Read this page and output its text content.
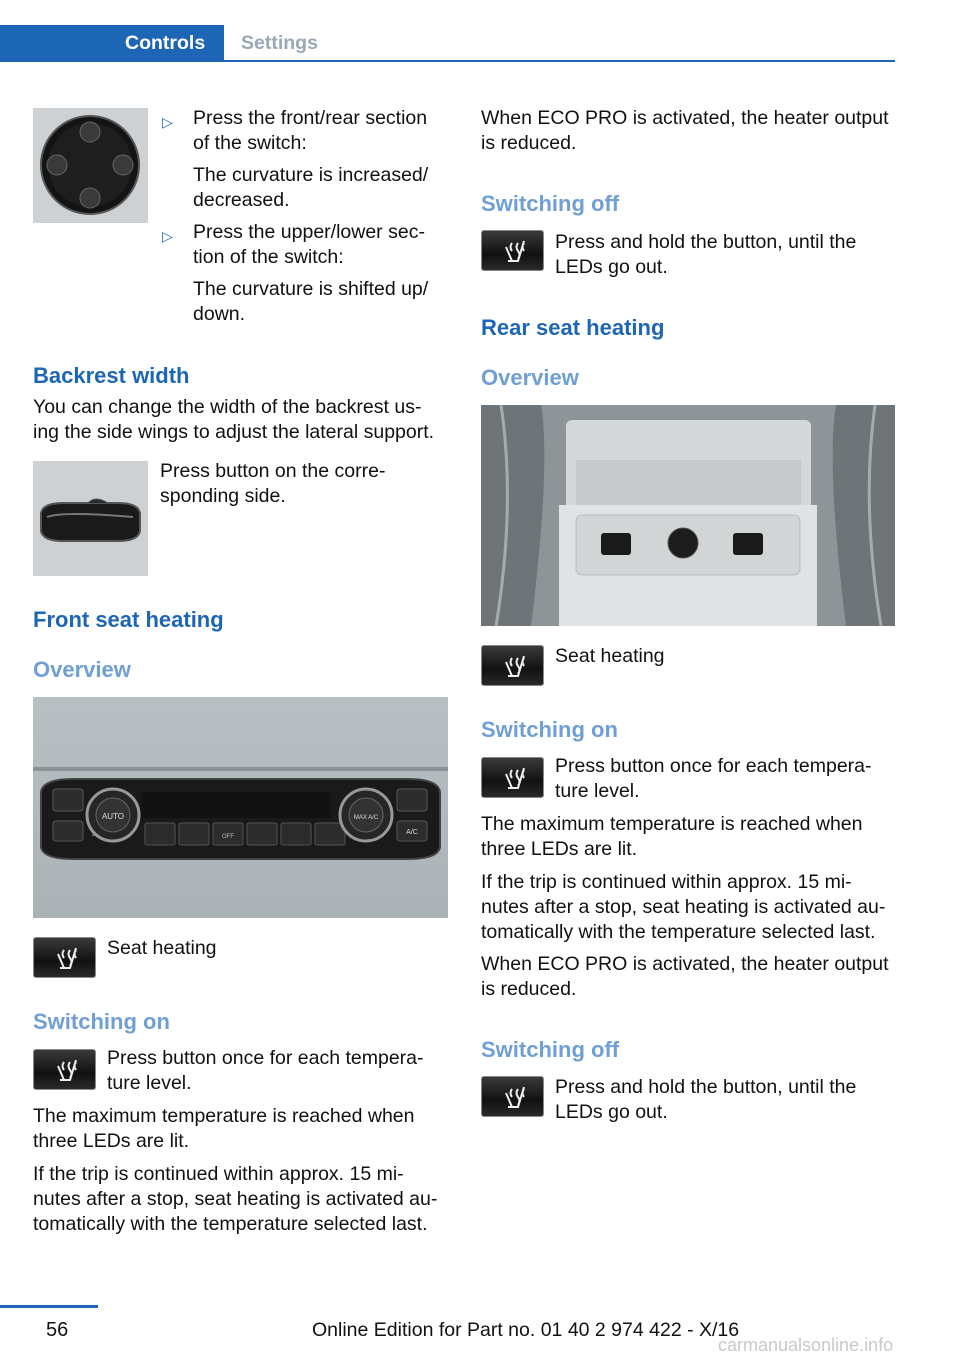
Controls	Settings
▷ Press the front/rear section
of the switch:
The curvature is increased/
decreased.
▷ Press the upper/lower sec-
tion of the switch:
The curvature is shifted up/
down.
Backrest width
You can change the width of the backrest us-
ing the side wings to adjust the lateral support.
Press button on the corre-
sponding side.
Front seat heating
Overview
AUTO
OFF
MAX A/C
A/C
1
Seat heating
Switching on
Press button once for each tempera-
ture level.
The maximum temperature is reached when
three LEDs are lit.
If the trip is continued within approx. 15 mi-
nutes after a stop, seat heating is activated au-
tomatically with the temperature selected last.
When ECO PRO is activated, the heater output
is reduced.
Switching off
Press and hold the button, until the
LEDs go out.
Rear seat heating
Overview
Seat heating
Switching on
Press button once for each tempera-
ture level.
The maximum temperature is reached when
three LEDs are lit.
If the trip is continued within approx. 15 mi-
nutes after a stop, seat heating is activated au-
tomatically with the temperature selected last.
When ECO PRO is activated, the heater output
is reduced.
Switching off
Press and hold the button, until the
LEDs go out.
56	Online Edition for Part no. 01 40 2 974 422 - X/16
carmanualsonline.info
